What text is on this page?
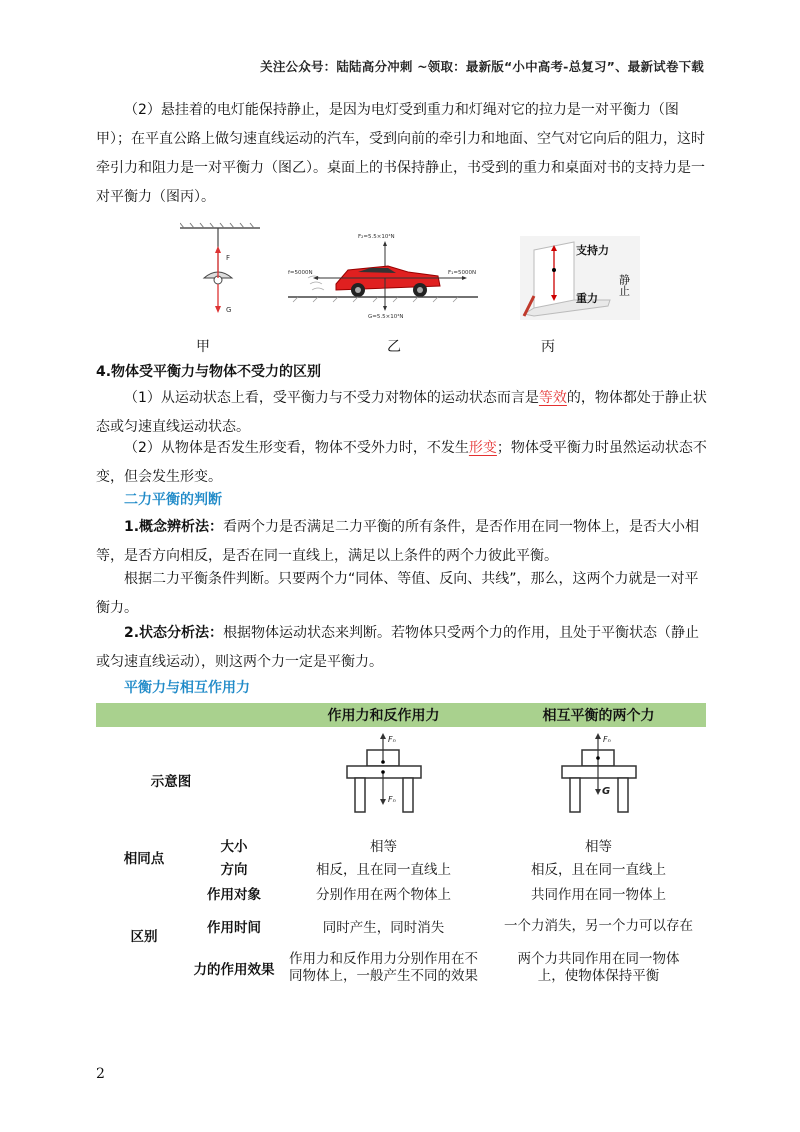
关注公众号：陆陆高分冲刺 ~领取：最新版“小中高考-总复习”、最新试卷下载
（2）悬挂着的电灯能保持静止，是因为电灯受到重力和灯绳对它的拉力是一对平衡力（图甲）；在平直公路上做匀速直线运动的汽车，受到向前的牵引力和地面、空气对它向后的阻力，这时牵引力和阻力是一对平衡力（图乙）。桌面上的书保持静止，书受到的重力和桌面对书的支持力是一对平衡力（图丙）。
F
G
F₂=5.5×10⁴N
f=5000N	F₁=5000N
G=5.5×10⁴N
支持力
重力
静止
甲	乙	丙
4.物体受平衡力与物体不受力的区别
（1）从运动状态上看，受平衡力与不受力对物体的运动状态而言是等效的，物体都处于静止状态或匀速直线运动状态。
（2）从物体是否发生形变看，物体不受外力时，不发生形变；物体受平衡力时虽然运动状态不变，但会发生形变。
二力平衡的判断
1.概念辨析法：看两个力是否满足二力平衡的所有条件，是否作用在同一物体上，是否大小相等，是否方向相反，是否在同一直线上，满足以上条件的两个力彼此平衡。
根据二力平衡条件判断。只要两个力“同体、等值、反向、共线”，那么，这两个力就是一对平衡力。
2.状态分析法：根据物体运动状态来判断。若物体只受两个力的作用，且处于平衡状态（静止或匀速直线运动），则这两个力一定是平衡力。
平衡力与相互作用力
		作用力和反作用力	相互平衡的两个力
示意图		Fₙ
Fₙ	Fₙ
G

相同点	大小	相等	相等
	方向	相反，且在同一直线上	相反，且在同一直线上
区别	作用对象	分别作用在两个物体上	共同作用在同一物体上
	作用时间	同时产生，同时消失	一个力消失，另一个力可以存在
	力的作用效果	作用力和反作用力分别作用在不同物体上，一般产生不同的效果	两个力共同作用在同一物体上，使物体保持平衡
2
